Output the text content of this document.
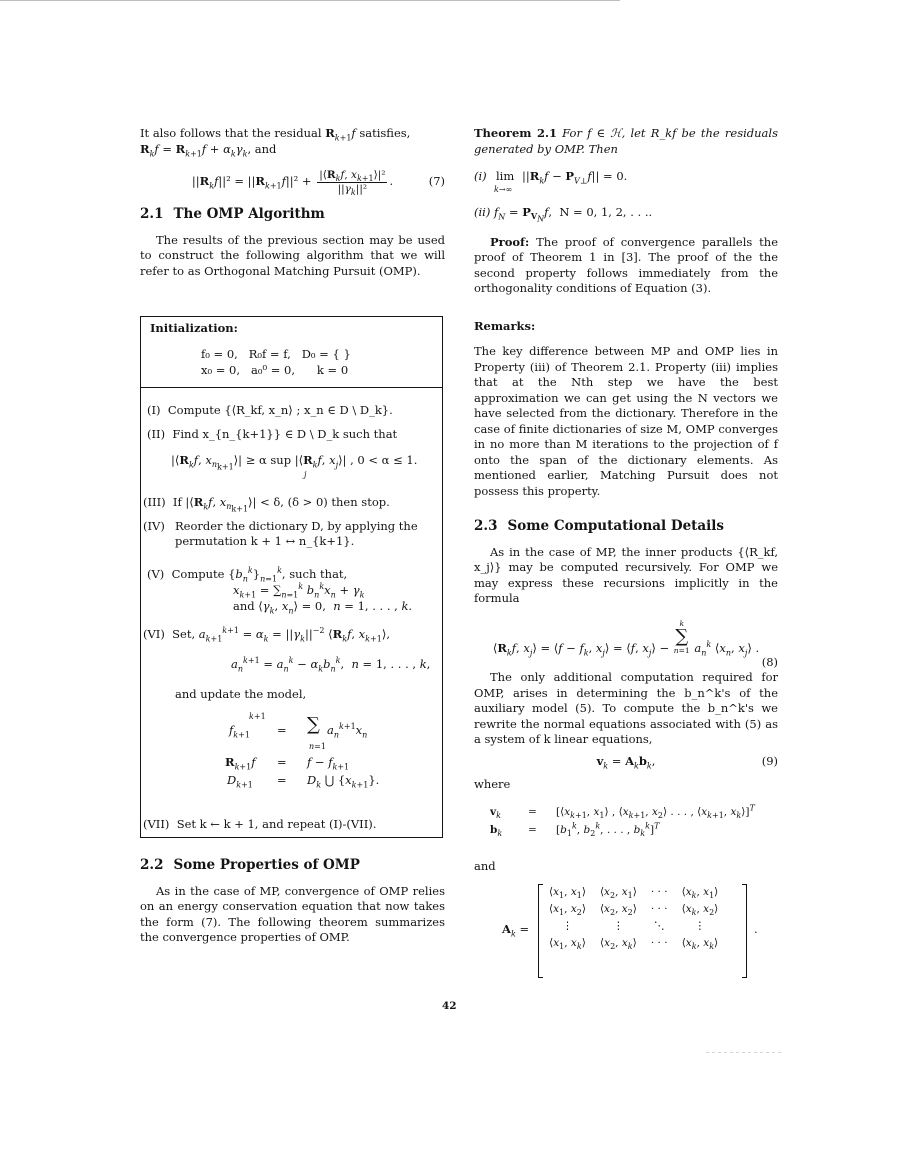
It also follows that the residual $R_{k+1}f$ satisfies,
$R_kf = R_{k+1}f + \alpha_k\gamma_k$, and

$||R_kf||^2 = ||R_{k+1}f||^2 + \frac{|⟨R_kf, x_{k+1}⟩|^2}{||\gamma_k||^2}$ .	(7)
2.1 The OMP Algorithm

The results of the previous section may be used to construct the following algorithm that we will refer to as Orthogonal Matching Pursuit (OMP).

Initialization:
f₀ = 0,   R₀f = f,   D₀ = { }
x₀ = 0,   a₀⁰ = 0,      k = 0
(I) Compute {⟨R_kf, x_n⟩ ; x_n ∈ D \ D_k}.
(II) Find x_{n_{k+1}} ∈ D \ D_k such that
$|⟨R_kf$, $x_{n_{k+1}}⟩| \ge \alpha$ sup $|⟨R_kf$, $x_j⟩|$ , 0 < α ≤ 1.
j
(III)  If $|⟨R_kf$, $x_{n_{k+1}}⟩| < \delta$, (δ > 0) then stop.
(IV) Reorder the dictionary D, by applying the permutation k + 1 ↔ n_{k+1}.
(V)  Compute $\{b_n^k\}_{n=1}^k$, such that,
$x_{k+1} = \sum_{n=1}^k$ $b_n^kx_n + \gamma_k$
and $⟨\gamma_k$, $x_n⟩ = 0$,  n = 1, . . . , k.
(VI) Set, $a_{k+1}^{k+1} = \alpha_k = ||\gamma_k||^{-2}$ $⟨R_kf$, $x_{k+1}⟩$,
$a_n^{k+1} = a_n^k - \alpha_kb_n^k$,  n = 1, . . . , k,
and update the model,
k+1
$f_{k+1}$ = ∑ $a_n^{k+1}x_n$
n=1
$R_{k+1}f = f - f_{k+1}$
$D_{k+1} = D_k$ ⋃ $\{x_{k+1}\}$.
(VII) Set k ← k + 1, and repeat (I)-(VII).
2.2 Some Properties of OMP

As in the case of MP, convergence of OMP relies on an energy conservation equation that now takes the form (7). The following theorem summarizes the convergence properties of OMP.

Theorem 2.1 For f ∈ ℋ, let R_kf be the residuals generated by OMP. Then

(i) lim
k→∞
$||R_kf - P_{V\perp}f|| = 0$.
(ii) $f_N = P_{V_N}f$,  N = 0, 1, 2, . . ..

Proof: The proof of convergence parallels the proof of Theorem 1 in [3]. The proof of the the second property follows immediately from the orthogonality conditions of Equation (3).

Remarks:

The key difference between MP and OMP lies in Property (iii) of Theorem 2.1. Property (iii) implies that at the Nth step we have the best approximation we can get using the N vectors we have selected from the dictionary. Therefore in the case of finite dictionaries of size M, OMP converges in no more than M iterations to the projection of f onto the span of the dictionary elements. As mentioned earlier, Matching Pursuit does not possess this property.

2.3 Some Computational Details

As in the case of MP, the inner products {⟨R_kf, x_j⟩} may be computed recursively. For OMP we may express these recursions implicitly in the formula

$⟨R_kf$, $x_j⟩$ = ⟨f − $f_k$, $x_j⟩$ = ⟨f, $x_j⟩$ −
k
∑
n=1 $a_n^k$ $⟨x_n$, $x_j⟩$ .
(8)

The only additional computation required for OMP, arises in determining the b_n^k's of the auxiliary model (5). To compute the b_n^k's we rewrite the normal equations associated with (5) as a system of k linear equations,

$v_k = A_kb_k$,	(9)
where
$v_k$	= [$⟨x_{k+1}$, $x_1⟩$ , $⟨x_{k+1}$, $x_2⟩$ . . . , $⟨x_{k+1}$, $x_k⟩]^T$
$b_k = [b_1^k$, $b_2^k$, . . . , $b_k^k]^T$
and
$A_k$ =
$⟨x_1$, $x_1⟩$	$⟨x_2$, $x_1⟩$	· · ·	$⟨x_k$, $x_1⟩$
$⟨x_1$, $x_2⟩$	$⟨x_2$, $x_2⟩$	· · ·	$⟨x_k$, $x_2⟩$
⋮	⋮	⋱	⋮
$⟨x_1$, $x_k⟩$	$⟨x_2$, $x_k⟩$	· · ·	$⟨x_k$, $x_k⟩$
.
42
